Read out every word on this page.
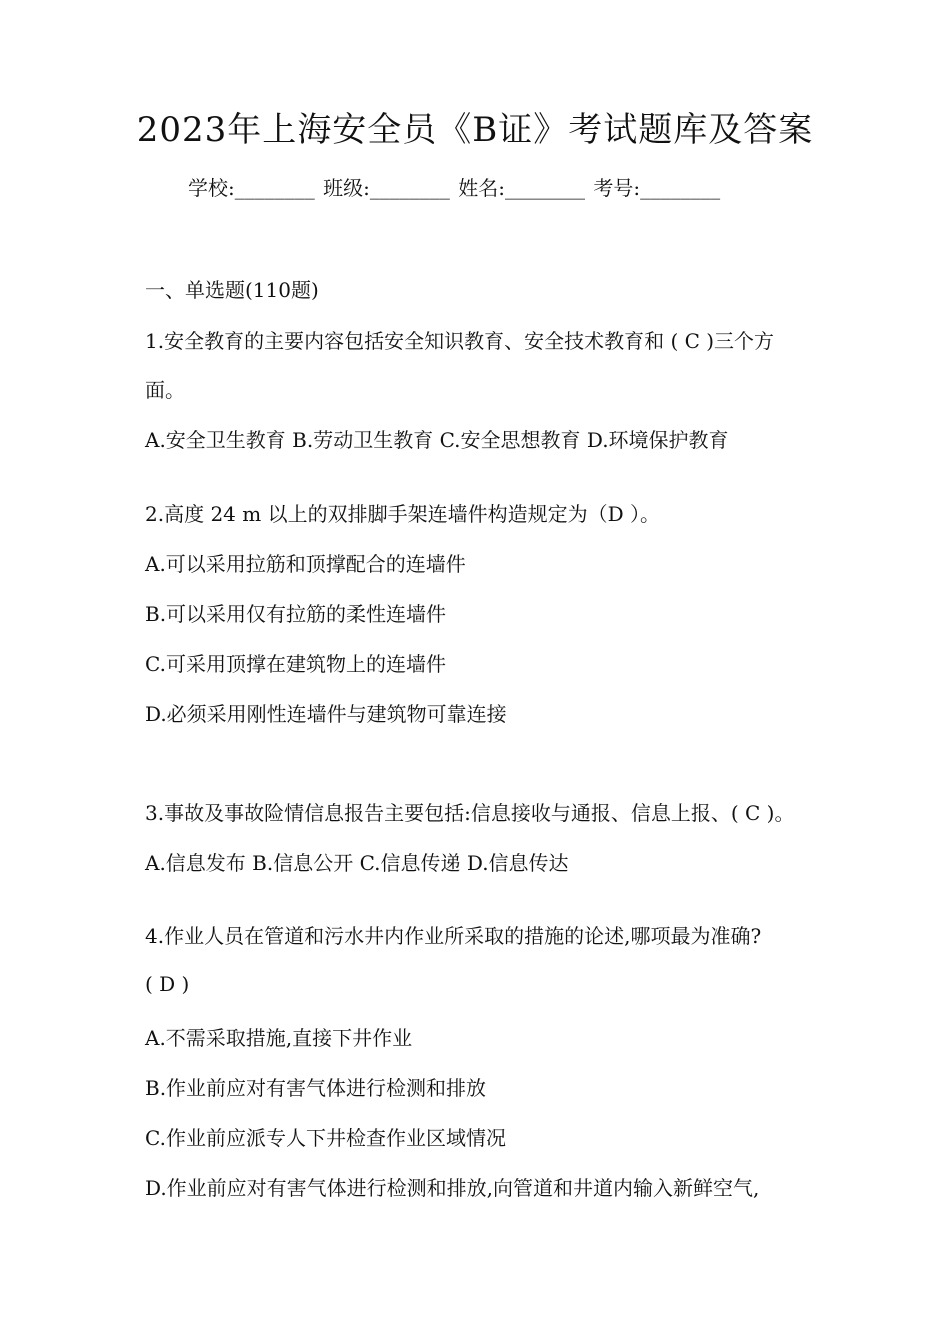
2023年上海安全员《B证》考试题库及答案
学校:________ 班级:________ 姓名:________ 考号:________
一、单选题(110题)
1.安全教育的主要内容包括安全知识教育、安全技术教育和 ( C )三个方
面。
A.安全卫生教育 B.劳动卫生教育 C.安全思想教育 D.环境保护教育
2.高度 24 m 以上的双排脚手架连墙件构造规定为（D ）。
A.可以采用拉筋和顶撑配合的连墙件
B.可以采用仅有拉筋的柔性连墙件
C.可采用顶撑在建筑物上的连墙件
D.必须采用刚性连墙件与建筑物可靠连接
3.事故及事故险情信息报告主要包括:信息接收与通报、信息上报、( C )。
A.信息发布 B.信息公开 C.信息传递 D.信息传达
4.作业人员在管道和污水井内作业所采取的措施的论述,哪项最为准确?
( D )
A.不需采取措施,直接下井作业
B.作业前应对有害气体进行检测和排放
C.作业前应派专人下井检查作业区域情况
D.作业前应对有害气体进行检测和排放,向管道和井道内输入新鲜空气,
